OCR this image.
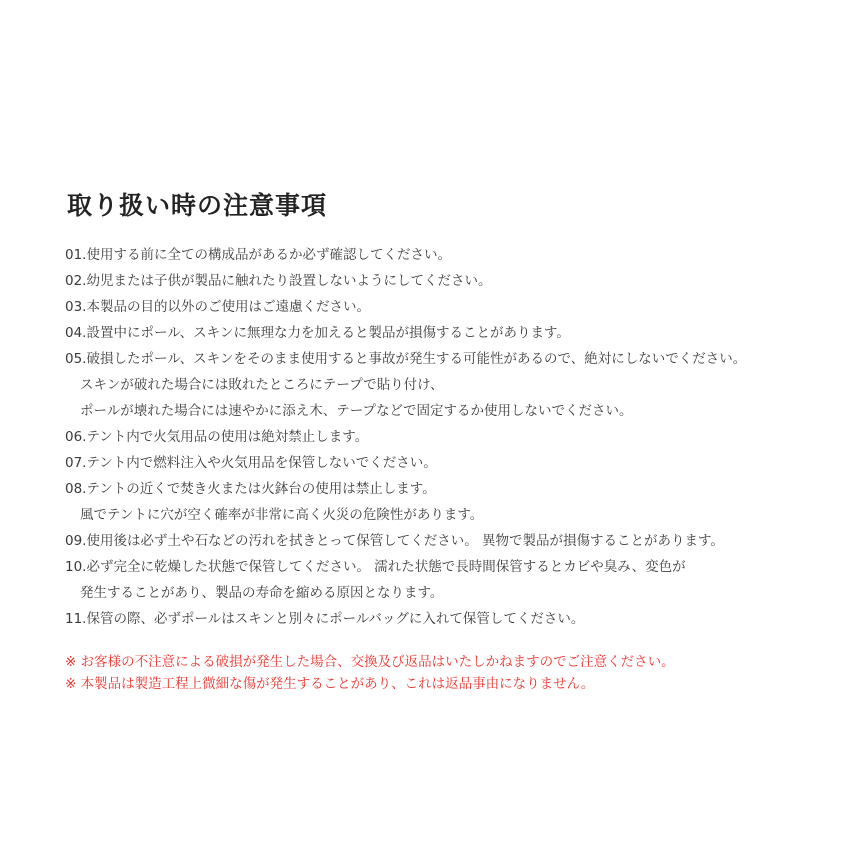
取り扱い時の注意事項
01.使用する前に全ての構成品があるか必ず確認してください。
02.幼児または子供が製品に触れたり設置しないようにしてください。
03.本製品の目的以外のご使用はご遠慮ください。
04.設置中にポール、スキンに無理な力を加えると製品が損傷することがあります。
05.破損したポール、スキンをそのまま使用すると事故が発生する可能性があるので、絶対にしないでください。
スキンが破れた場合には敗れたところにテープで貼り付け、
ポールが壊れた場合には速やかに添え木、テープなどで固定するか使用しないでください。
06.テント内で火気用品の使用は絶対禁止します。
07.テント内で燃料注入や火気用品を保管しないでください。
08.テントの近くで焚き火または火鉢台の使用は禁止します。
風でテントに穴が空く確率が非常に高く火災の危険性があります。
09.使用後は必ず土や石などの汚れを拭きとって保管してください。 異物で製品が損傷することがあります。
10.必ず完全に乾燥した状態で保管してください。 濡れた状態で長時間保管するとカビや臭み、変色が
発生することがあり、製品の寿命を縮める原因となります。
11.保管の際、必ずポールはスキンと別々にポールバッグに入れて保管してください。
※ お客様の不注意による破損が発生した場合、交換及び返品はいたしかねますのでご注意ください。
※ 本製品は製造工程上微細な傷が発生することがあり、これは返品事由になりません。
